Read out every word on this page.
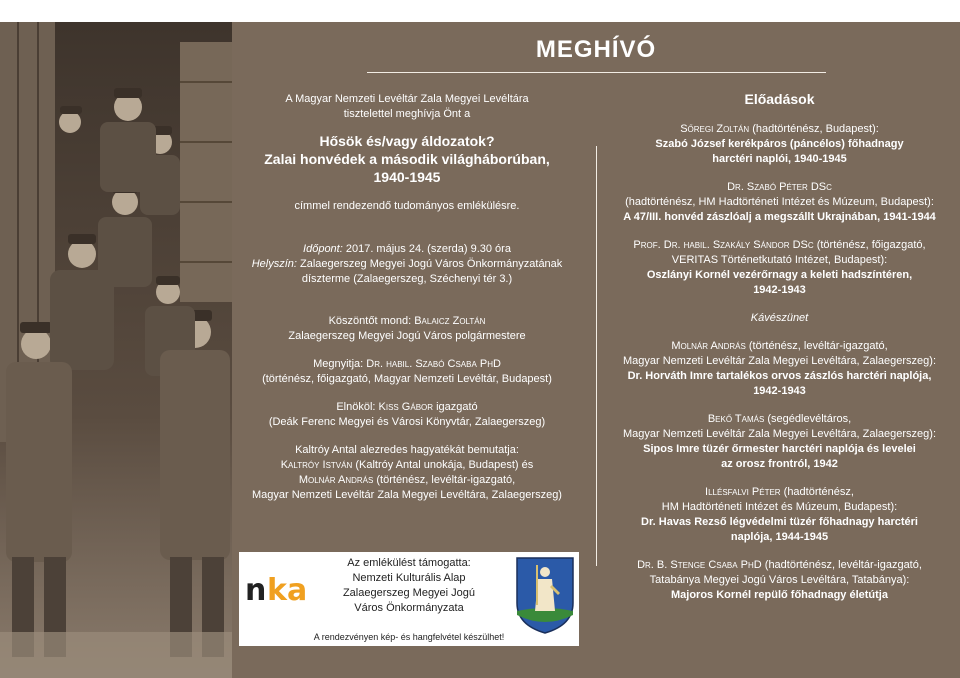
MEGHÍVÓ

A Magyar Nemzeti Levéltár Zala Megyei Levéltára

tisztelettel meghívja Önt a

Hősök és/vagy áldozatok?
Zalai honvédek a második világháborúban,
1940-1945

címmel rendezendő tudományos emlékülésre.

Időpont: 2017. május 24. (szerda) 9.30 óra

Helyszín: Zalaegerszeg Megyei Jogú Város Önkormányzatának

díszterme (Zalaegerszeg, Széchenyi tér 3.)

Köszöntőt mond: Balaicz Zoltán

Zalaegerszeg Megyei Jogú Város polgármestere

Megnyitja: Dr. habil. Szabó Csaba PhD

(történész, főigazgató, Magyar Nemzeti Levéltár, Budapest)

Elnököl: Kiss Gábor igazgató

(Deák Ferenc Megyei és Városi Könyvtár, Zalaegerszeg)

Kaltróy Antal alezredes hagyatékát bemutatja:

Kaltróy István (Kaltróy Antal unokája, Budapest) és

Molnár András (történész, levéltár-igazgató,

Magyar Nemzeti Levéltár Zala Megyei Levéltára, Zalaegerszeg)

Előadások
Sőregi Zoltán (hadtörténész, Budapest):
Szabó József kerékpáros (páncélos) főhadnagy
harctéri naplói, 1940-1945
Dr. Szabó Péter DSc
(hadtörténész, HM Hadtörténeti Intézet és Múzeum, Budapest):
A 47/III. honvéd zászlóalj a megszállt Ukrajnában, 1941-1944
Prof. Dr. habil. Szakály Sándor DSc (történész, főigazgató,
VERITAS Történetkutató Intézet, Budapest):
Oszlányi Kornél vezérőrnagy a keleti hadszíntéren,
1942-1943
Kávészünet
Molnár András (történész, levéltár-igazgató,
Magyar Nemzeti Levéltár Zala Megyei Levéltára, Zalaegerszeg):
Dr. Horváth Imre tartalékos orvos zászlós harctéri naplója,
1942-1943
Bekő Tamás (segédlevéltáros,
Magyar Nemzeti Levéltár Zala Megyei Levéltára, Zalaegerszeg):
Sipos Imre tüzér őrmester harctéri naplója és levelei
az orosz frontról, 1942
Illésfalvi Péter (hadtörténész,
HM Hadtörténeti Intézet és Múzeum, Budapest):
Dr. Havas Rezső légvédelmi tüzér főhadnagy harctéri
naplója, 1944-1945
Dr. B. Stenge Csaba PhD (hadtörténész, levéltár-igazgató,
Tatabánya Megyei Jogú Város Levéltára, Tatabánya):
Majoros Kornél repülő főhadnagy életútja
n ka
Az emlékülést támogatta:
Nemzeti Kulturális Alap
Zalaegerszeg Megyei Jogú
Város Önkormányzata
A rendezvényen kép- és hangfelvétel készülhet!
